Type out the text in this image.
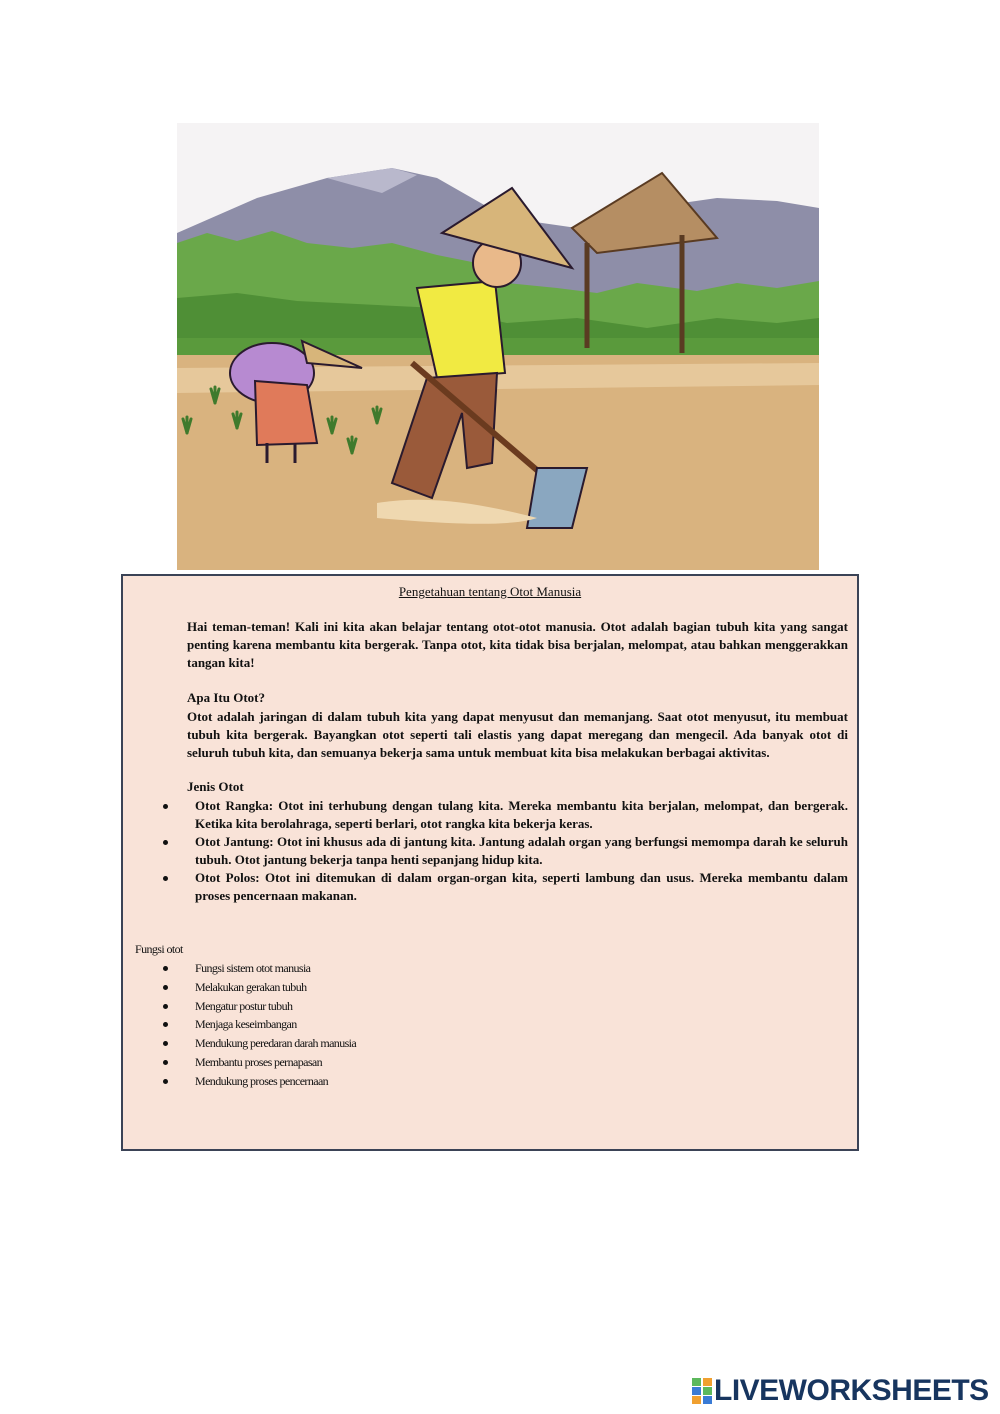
Pengetahuan tentang Otot Manusia

Hai teman-teman! Kali ini kita akan belajar tentang otot-otot manusia. Otot adalah bagian tubuh kita yang sangat penting karena membantu kita bergerak. Tanpa otot, kita tidak bisa berjalan, melompat, atau bahkan menggerakkan tangan kita!

Apa Itu Otot?

Otot adalah jaringan di dalam tubuh kita yang dapat menyusut dan memanjang. Saat otot menyusut, itu membuat tubuh kita bergerak. Bayangkan otot seperti tali elastis yang dapat meregang dan mengecil. Ada banyak otot di seluruh tubuh kita, dan semuanya bekerja sama untuk membuat kita bisa melakukan berbagai aktivitas.

Jenis Otot
Otot Rangka: Otot ini terhubung dengan tulang kita. Mereka membantu kita berjalan, melompat, dan bergerak. Ketika kita berolahraga, seperti berlari, otot rangka kita bekerja keras.
Otot Jantung: Otot ini khusus ada di jantung kita. Jantung adalah organ yang berfungsi memompa darah ke seluruh tubuh. Otot jantung bekerja tanpa henti sepanjang hidup kita.
Otot Polos: Otot ini ditemukan di dalam organ-organ kita, seperti lambung dan usus. Mereka membantu dalam proses pencernaan makanan.
Fungsi otot
Fungsi sistem otot manusia
Melakukan gerakan tubuh
Mengatur postur tubuh
Menjaga keseimbangan
Mendukung peredaran darah manusia
Membantu proses pernapasan
Mendukung proses pencernaan
LIVEWORKSHEETS
